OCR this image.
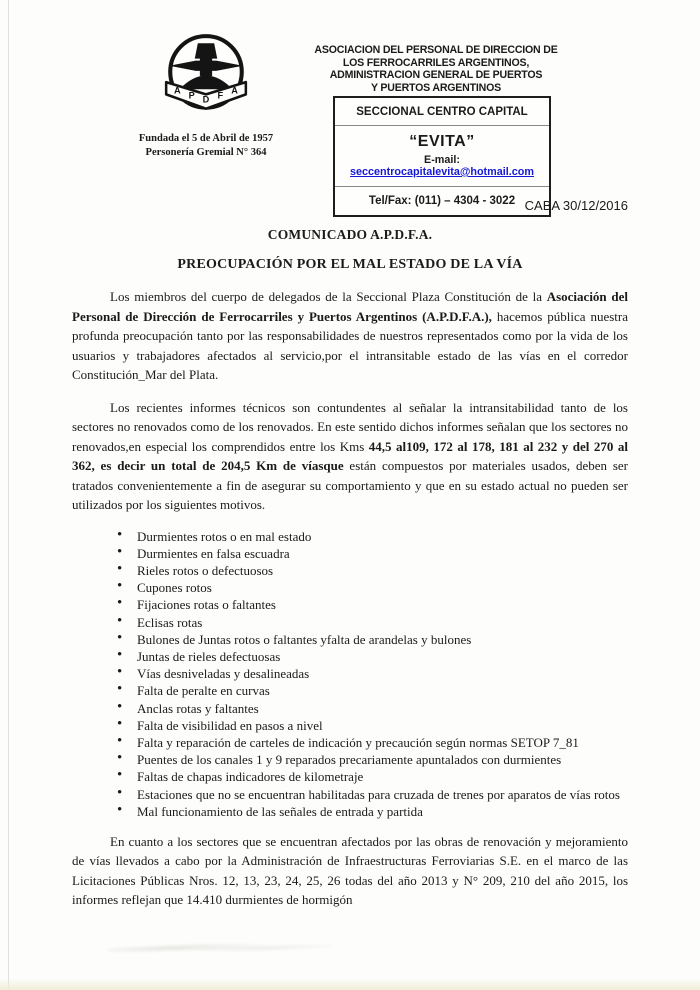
A
P D F
A
Fundada el 5 de Abril de 1957
Personería Gremial N° 364
ASOCIACION DEL PERSONAL DE DIRECCION DE
LOS FERROCARRILES ARGENTINOS,
ADMINISTRACION GENERAL DE PUERTOS
Y PUERTOS ARGENTINOS
SECCIONAL CENTRO CAPITAL
“EVITA”
E-mail: seccentrocapitalevita@hotmail.com
Tel/Fax: (011) – 4304 - 3022 CABA 30/12/2016
COMUNICADO A.P.D.F.A.
PREOCUPACIÓN POR EL MAL ESTADO DE LA VÍA

Los miembros del cuerpo de delegados de la Seccional Plaza Constitución de la Asociación del Personal de Dirección de Ferrocarriles y Puertos Argentinos (A.P.D.F.A.), hacemos pública nuestra profunda preocupación tanto por las responsabilidades de nuestros representados como por la vida de los usuarios y trabajadores afectados al servicio,por el intransitable estado de las vías en el corredor Constitución_Mar del Plata.

Los recientes informes técnicos son contundentes al señalar la intransitabilidad tanto de los sectores no renovados como de los renovados. En este sentido dichos informes señalan que los sectores no renovados,en especial los comprendidos entre los Kms 44,5 al109, 172 al 178, 181 al 232 y del 270 al 362, es decir un total de 204,5 Km de víasque están compuestos por materiales usados, deben ser tratados convenientemente a fin de asegurar su comportamiento y que en su estado actual no pueden ser utilizados por los siguientes motivos.

• Durmientes rotos o en mal estado
• Durmientes en falsa escuadra
• Rieles rotos o defectuosos
• Cupones rotos
• Fijaciones rotas o faltantes
• Eclisas rotas
• Bulones de Juntas rotos o faltantes yfalta de arandelas y bulones
• Juntas de rieles defectuosas
• Vías desniveladas y desalineadas
• Falta de peralte en curvas
• Anclas rotas y faltantes
• Falta de visibilidad en pasos a nivel
• Falta y reparación de carteles de indicación y precaución según normas SETOP 7_81
• Puentes de los canales 1 y 9 reparados precariamente apuntalados con durmientes
• Faltas de chapas indicadores de kilometraje
• Estaciones que no se encuentran habilitadas para cruzada de trenes por aparatos de vías rotos
• Mal funcionamiento de las señales de entrada y partida

En cuanto a los sectores que se encuentran afectados por las obras de renovación y mejoramiento de vías llevados a cabo por la Administración de Infraestructuras Ferroviarias S.E. en el marco de las Licitaciones Públicas Nros. 12, 13, 23, 24, 25, 26 todas del año 2013 y N° 209, 210 del año 2015, los informes reflejan que 14.410 durmientes de hormigón
